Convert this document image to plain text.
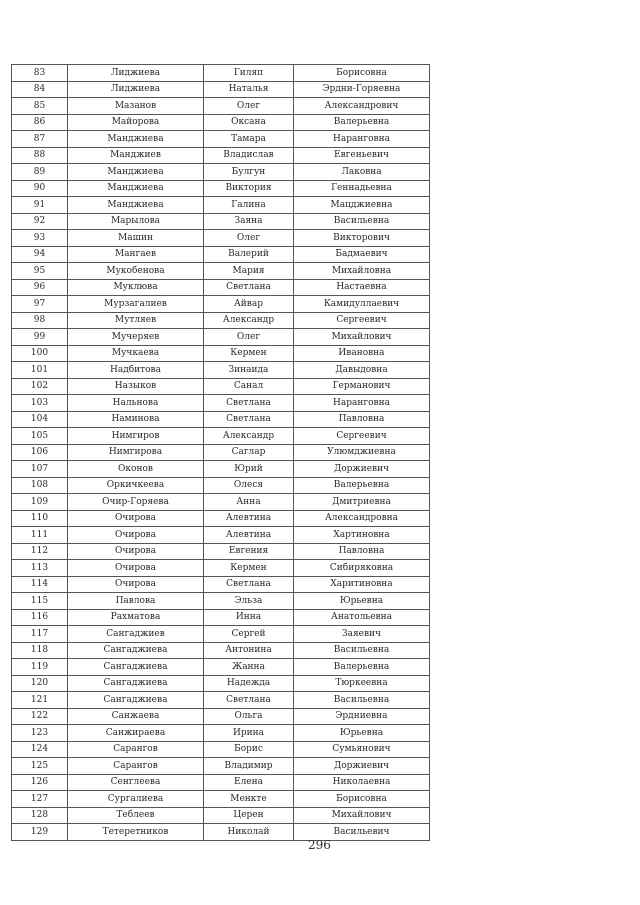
83	Лиджиева	Гиляп	Борисовна
84	Лиджиева	Наталья	Эрдни-Горяевна
85	Мазанов	Олег	Александрович
86	Майорова	Оксана	Валерьевна
87	Манджиева	Тамара	Наранговна
88	Манджиев	Владислав	Евгеньевич
89	Манджиева	Булгун	Лаковна
90	Манджиева	Виктория	Геннадьевна
91	Манджиева	Галина	Мацджиевна
92	Марылова	Заяна	Васильевна
93	Машин	Олег	Викторович
94	Мангаев	Валерий	Бадмаевич
95	Мукобенова	Мария	Михайловна
96	Муклюва	Светлана	Настаевна
97	Мурзагалиев	Айвар	Камидуллаевич
98	Мутляев	Александр	Сергеевич
99	Мучеряев	Олег	Михайлович
100	Мучкаева	Кермен	Ивановна
101	Надбитова	Зинаида	Давыдовна
102	Назыков	Санал	Германович
103	Нальнова	Светлана	Наранговна
104	Наминова	Светлана	Павловна
105	Нимгиров	Александр	Сергеевич
106	Нимгирова	Саглар	Улюмджиевна
107	Оконов	Юрий	Доржиевич
108	Оркичкеева	Олеся	Валерьевна
109	Очир-Горяева	Анна	Дмитриевна
110	Очирова	Алевтина	Александровна
111	Очирова	Алевтина	Хартиновна
112	Очирова	Евгения	Павловна
113	Очирова	Кермен	Сибиряковна
114	Очирова	Светлана	Харитиновна
115	Павлова	Эльза	Юрьевна
116	Рахматова	Инна	Анатольевна
117	Сангаджиев	Сергей	Заяевич
118	Сангаджиева	Антонина	Васильевна
119	Сангаджиева	Жанна	Валерьевна
120	Сангаджиева	Надежда	Тюркеевна
121	Сангаджиева	Светлана	Васильевна
122	Санжаева	Ольга	Эрдниевна
123	Санжираева	Ирина	Юрьевна
124	Сарангов	Борис	Сумьянович
125	Сарангов	Владимир	Доржиевич
126	Сенглеева	Елена	Николаевна
127	Сургалиева	Менкте	Борисовна
128	Теблеев	Церен	Михайлович
129	Тетеретников	Николай	Васильевич
296
